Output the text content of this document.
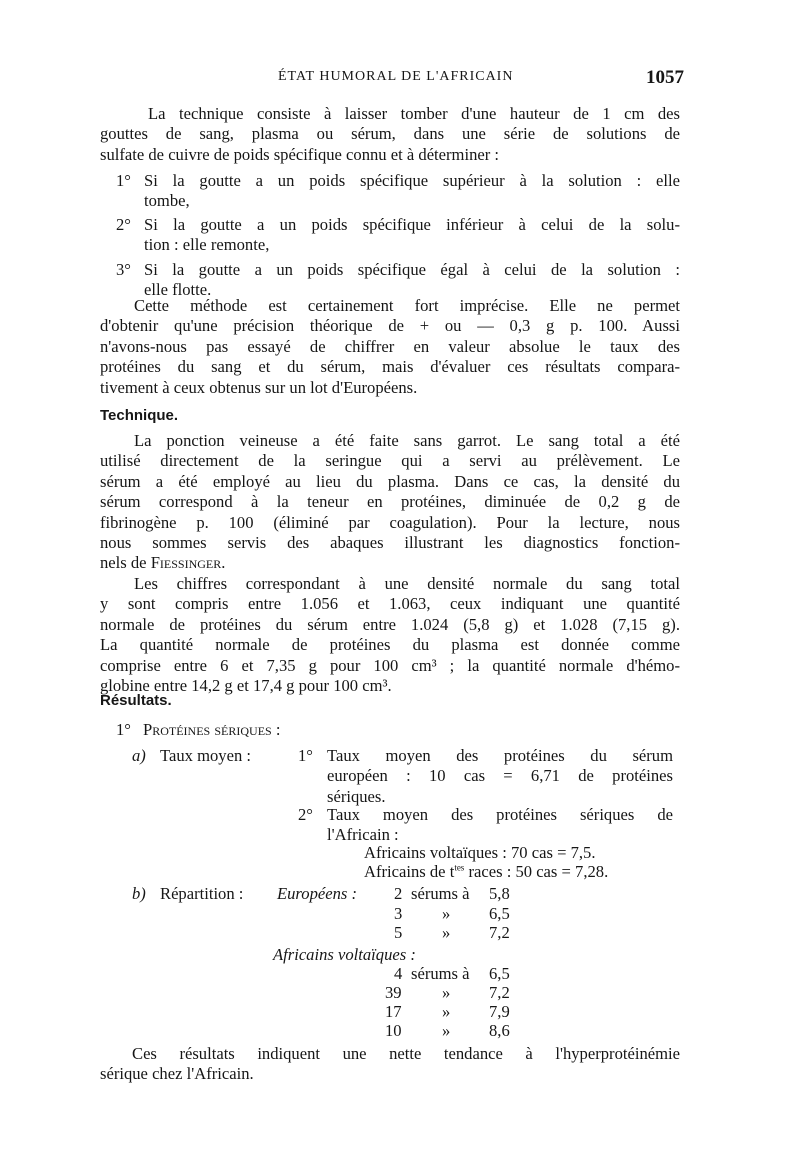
ÉTAT HUMORAL DE L'AFRICAIN	1057
La technique consiste à laisser tomber d'une hauteur de 1 cm des
gouttes de sang, plasma ou sérum, dans une série de solutions de
sulfate de cuivre de poids spécifique connu et à déterminer :
1° Si la goutte a un poids spécifique supérieur à la solution : elle
tombe,
2° Si la goutte a un poids spécifique inférieur à celui de la solu-
tion : elle remonte,
3° Si la goutte a un poids spécifique égal à celui de la solution :
elle flotte.
Cette méthode est certainement fort imprécise. Elle ne permet
d'obtenir qu'une précision théorique de + ou — 0,3 g p. 100. Aussi
n'avons-nous pas essayé de chiffrer en valeur absolue le taux des
protéines du sang et du sérum, mais d'évaluer ces résultats compara-
tivement à ceux obtenus sur un lot d'Européens.
Technique.
La ponction veineuse a été faite sans garrot. Le sang total a été
utilisé directement de la seringue qui a servi au prélèvement. Le
sérum a été employé au lieu du plasma. Dans ce cas, la densité du
sérum correspond à la teneur en protéines, diminuée de 0,2 g de
fibrinogène p. 100 (éliminé par coagulation). Pour la lecture, nous
nous sommes servis des abaques illustrant les diagnostics fonction-
nels de Fiessinger.
Les chiffres correspondant à une densité normale du sang total
y sont compris entre 1.056 et 1.063, ceux indiquant une quantité
normale de protéines du sérum entre 1.024 (5,8 g) et 1.028 (7,15 g).
La quantité normale de protéines du plasma est donnée comme
comprise entre 6 et 7,35 g pour 100 cm³ ; la quantité normale d'hémo-
globine entre 14,2 g et 17,4 g pour 100 cm³.
Résultats.
1° Protéines sériques :
a) Taux moyen :	1° Taux moyen des protéines du sérum
européen : 10 cas = 6,71 de protéines
sériques.
2° Taux moyen des protéines sériques de
l'Africain :
Africains voltaïques : 70 cas = 7,5.
Africains de $t^{tes}$ races : 50 cas = 7,28.
b) Répartition : Européens : 2 sérums à 5,8
3 » 6,5
5 » 7,2
Africains voltaïques :
4 sérums à 6,5
39 » 7,2
17 » 7,9
10 » 8,6
Ces résultats indiquent une nette tendance à l'hyperprotéinémie
sérique chez l'Africain.
